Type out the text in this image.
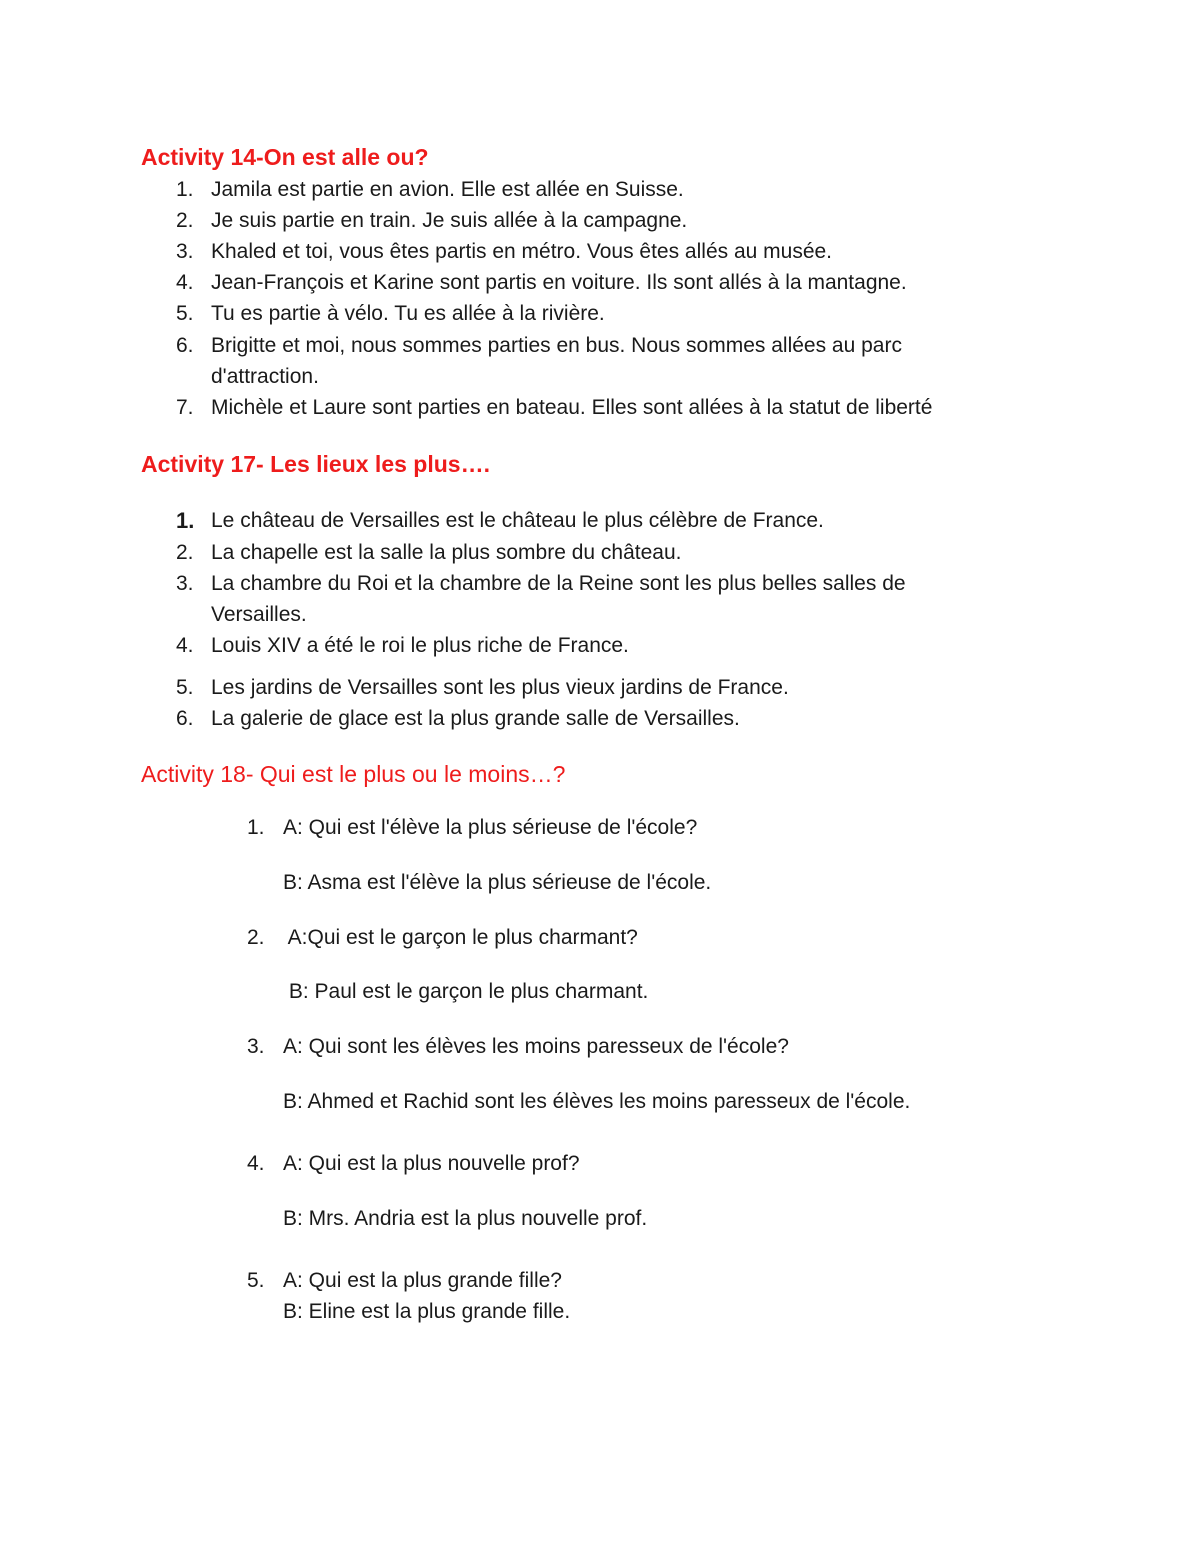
Activity 14-On est alle ou?
1. Jamila est partie en avion. Elle est allée en Suisse.
2. Je suis partie en train. Je suis allée à la campagne.
3. Khaled et toi, vous êtes partis en métro. Vous êtes allés au musée.
4. Jean-François et Karine sont partis en voiture. Ils sont allés à la mantagne.
5. Tu es partie à vélo. Tu es allée à la rivière.
6. Brigitte et moi, nous sommes parties en bus. Nous sommes allées au parc
d'attraction.
7. Michèle et Laure sont parties en bateau. Elles sont allées à la statut de liberté
Activity 17- Les lieux les plus….
1. Le château de Versailles est le château le plus célèbre de France.
2. La chapelle est la salle la plus sombre du château.
3. La chambre du Roi et la chambre de la Reine sont les plus belles salles de
Versailles.
4. Louis XIV a été le roi le plus riche de France.
5. Les jardins de Versailles sont les plus vieux jardins de France.
6. La galerie de glace est la plus grande salle de Versailles.
Activity 18- Qui est le plus ou le moins…?
1. A: Qui est l'élève la plus sérieuse de l'école?
B: Asma est l'élève la plus sérieuse de l'école.
2. A:Qui est le garçon le plus charmant?
B: Paul est le garçon le plus charmant.
3. A: Qui sont les élèves les moins paresseux de l'école?
B: Ahmed et Rachid sont les élèves les moins paresseux de l'école.
4. A: Qui est la plus nouvelle prof?
B: Mrs. Andria est la plus nouvelle prof.
5. A: Qui est la plus grande fille?
B: Eline est la plus grande fille.
